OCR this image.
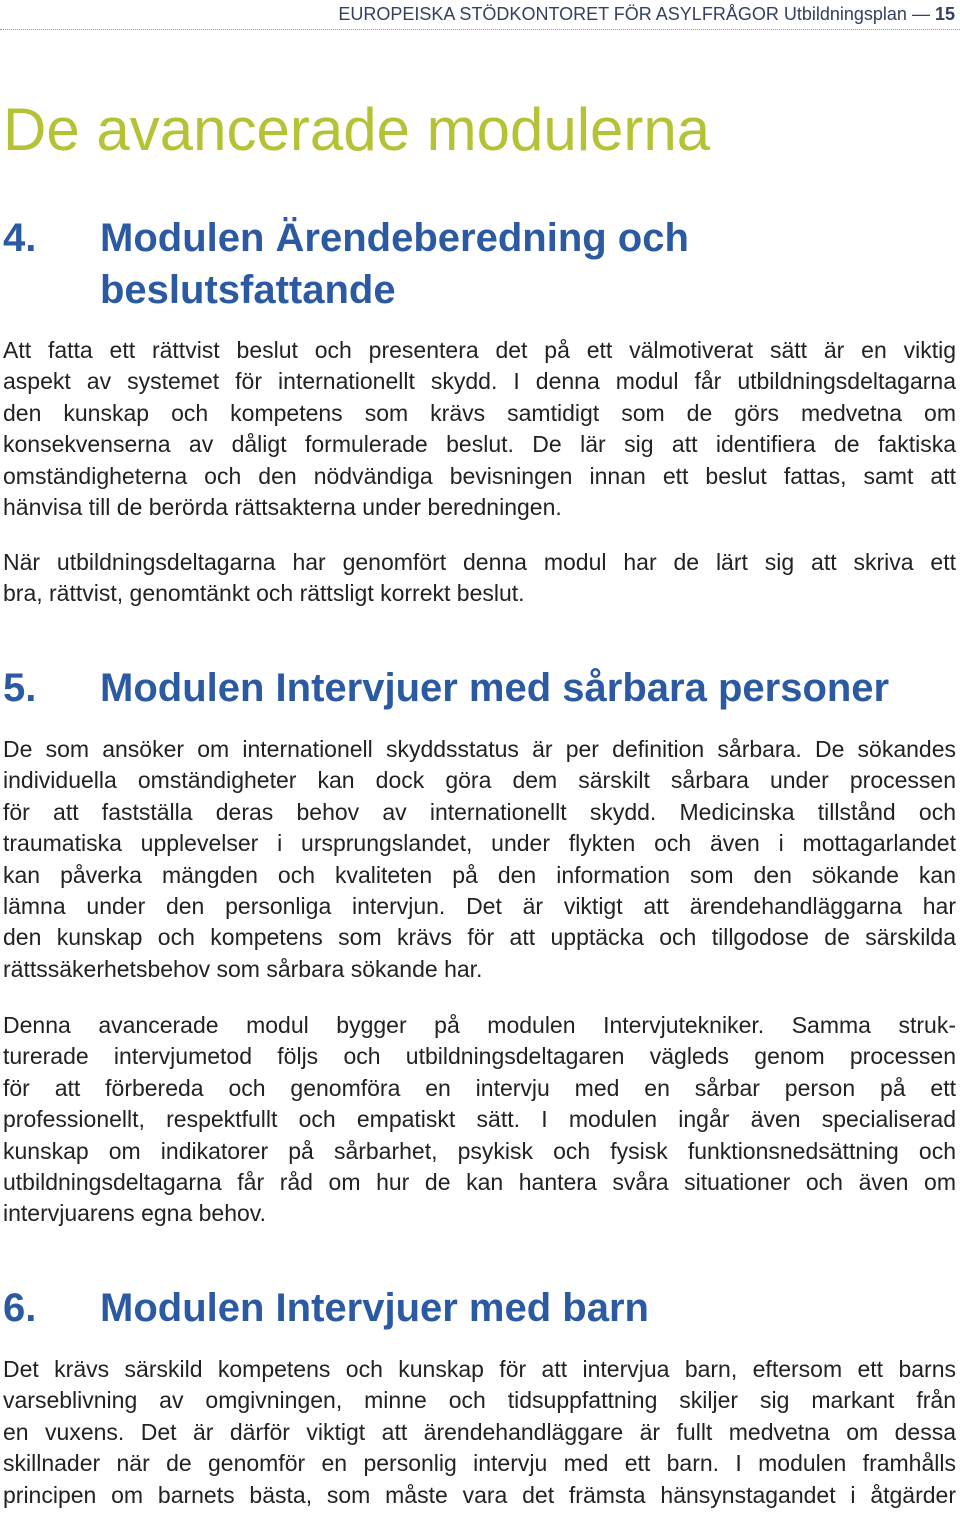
EUROPEISKA STÖDKONTORET FÖR ASYLFRÅGOR Utbildningsplan — 15
De avancerade modulerna
4.	Modulen Ärendeberedning och
beslutsfattande
Att fatta ett rättvist beslut och presentera det på ett välmotiverat sätt är en viktig
aspekt av systemet för internationellt skydd. I denna modul får utbildningsdeltagarna
den kunskap och kompetens som krävs samtidigt som de görs medvetna om
konsekvenserna av dåligt formulerade beslut. De lär sig att identifiera de faktiska
omständigheterna och den nödvändiga bevisningen innan ett beslut fattas, samt att
hänvisa till de berörda rättsakterna under beredningen.
När utbildningsdeltagarna har genomfört denna modul har de lärt sig att skriva ett
bra, rättvist, genomtänkt och rättsligt korrekt beslut.
5.	Modulen Intervjuer med sårbara personer
De som ansöker om internationell skyddsstatus är per definition sårbara. De sökandes
individuella omständigheter kan dock göra dem särskilt sårbara under processen
för att fastställa deras behov av internationellt skydd. Medicinska tillstånd och
traumatiska upplevelser i ursprungslandet, under flykten och även i mottagarlandet
kan påverka mängden och kvaliteten på den information som den sökande kan
lämna under den personliga intervjun. Det är viktigt att ärendehandläggarna har
den kunskap och kompetens som krävs för att upptäcka och tillgodose de särskilda
rättssäkerhetsbehov som sårbara sökande har.
Denna avancerade modul bygger på modulen Intervjutekniker. Samma struk-
turerade intervjumetod följs och utbildningsdeltagaren vägleds genom processen
för att förbereda och genomföra en intervju med en sårbar person på ett
professionellt, respektfullt och empatiskt sätt. I modulen ingår även specialiserad
kunskap om indikatorer på sårbarhet, psykisk och fysisk funktionsnedsättning och
utbildningsdeltagarna får råd om hur de kan hantera svåra situationer och även om
intervjuarens egna behov.
6.	Modulen Intervjuer med barn
Det krävs särskild kompetens och kunskap för att intervjua barn, eftersom ett barns
varseblivning av omgivningen, minne och tidsuppfattning skiljer sig markant från
en vuxens. Det är därför viktigt att ärendehandläggare är fullt medvetna om dessa
skillnader när de genomför en personlig intervju med ett barn. I modulen framhålls
principen om barnets bästa, som måste vara det främsta hänsynstagandet i åtgärder
